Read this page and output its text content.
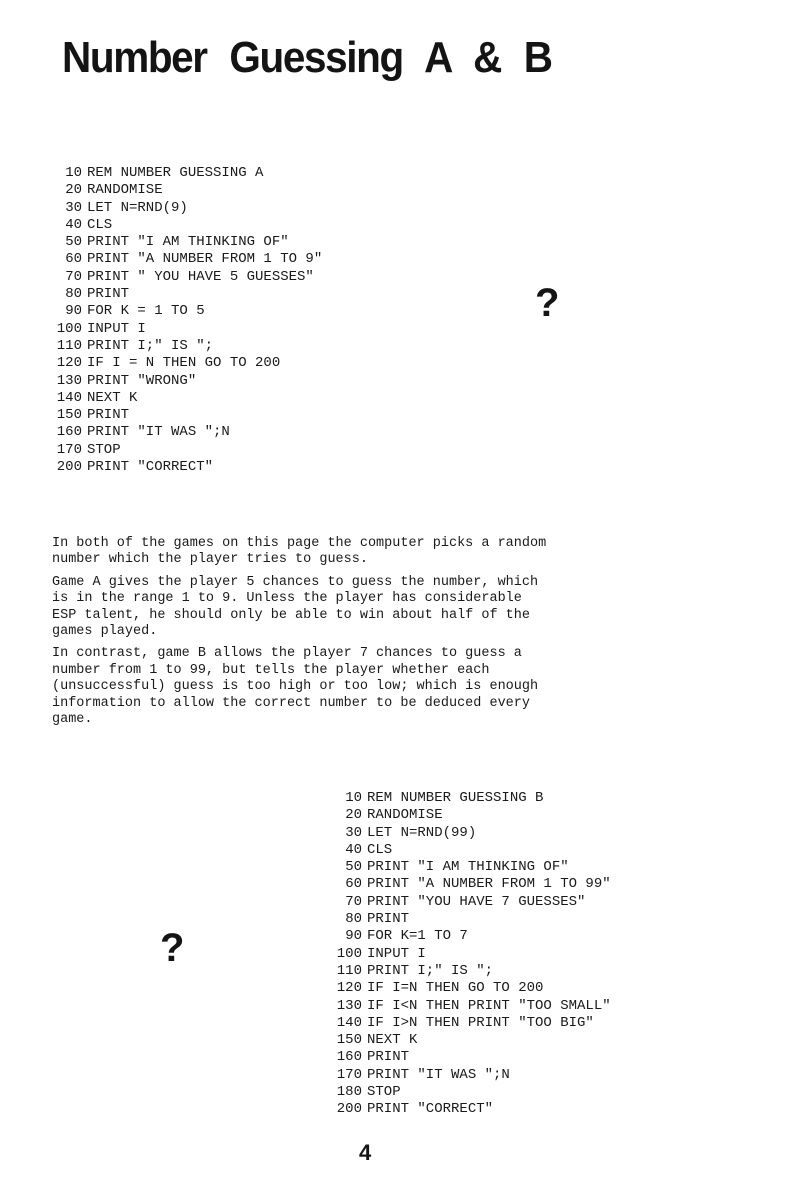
Number Guessing A & B
10 REM NUMBER GUESSING A
20 RANDOMISE
30 LET N=RND(9)
40 CLS
50 PRINT "I AM THINKING OF"
60 PRINT "A NUMBER FROM 1 TO 9"
70 PRINT " YOU HAVE 5 GUESSES"
80 PRINT
90 FOR K = 1 TO 5
100 INPUT I
110 PRINT I;" IS ";
120 IF I = N THEN GO TO 200
130 PRINT "WRONG"
140 NEXT K
150 PRINT
160 PRINT "IT WAS ";N
170 STOP
200 PRINT "CORRECT"
?

In both of the games on this page the computer picks a random
number which the player tries to guess.

Game A gives the player 5 chances to guess the number, which
is in the range 1 to 9. Unless the player has considerable
ESP talent, he should only be able to win about half of the
games played.

In contrast, game B allows the player 7 chances to guess a
number from 1 to 99, but tells the player whether each
(unsuccessful) guess is too high or too low; which is enough
information to allow the correct number to be deduced every
game.

10 REM NUMBER GUESSING B
20 RANDOMISE
30 LET N=RND(99)
40 CLS
50 PRINT "I AM THINKING OF"
60 PRINT "A NUMBER FROM 1 TO 99"
70 PRINT "YOU HAVE 7 GUESSES"
80 PRINT
90 FOR K=1 TO 7
100 INPUT I
110 PRINT I;" IS ";
120 IF I=N THEN GO TO 200
130 IF I<N THEN PRINT "TOO SMALL"
140 IF I>N THEN PRINT "TOO BIG"
150 NEXT K
160 PRINT
170 PRINT "IT WAS ";N
180 STOP
200 PRINT "CORRECT"
?
4
